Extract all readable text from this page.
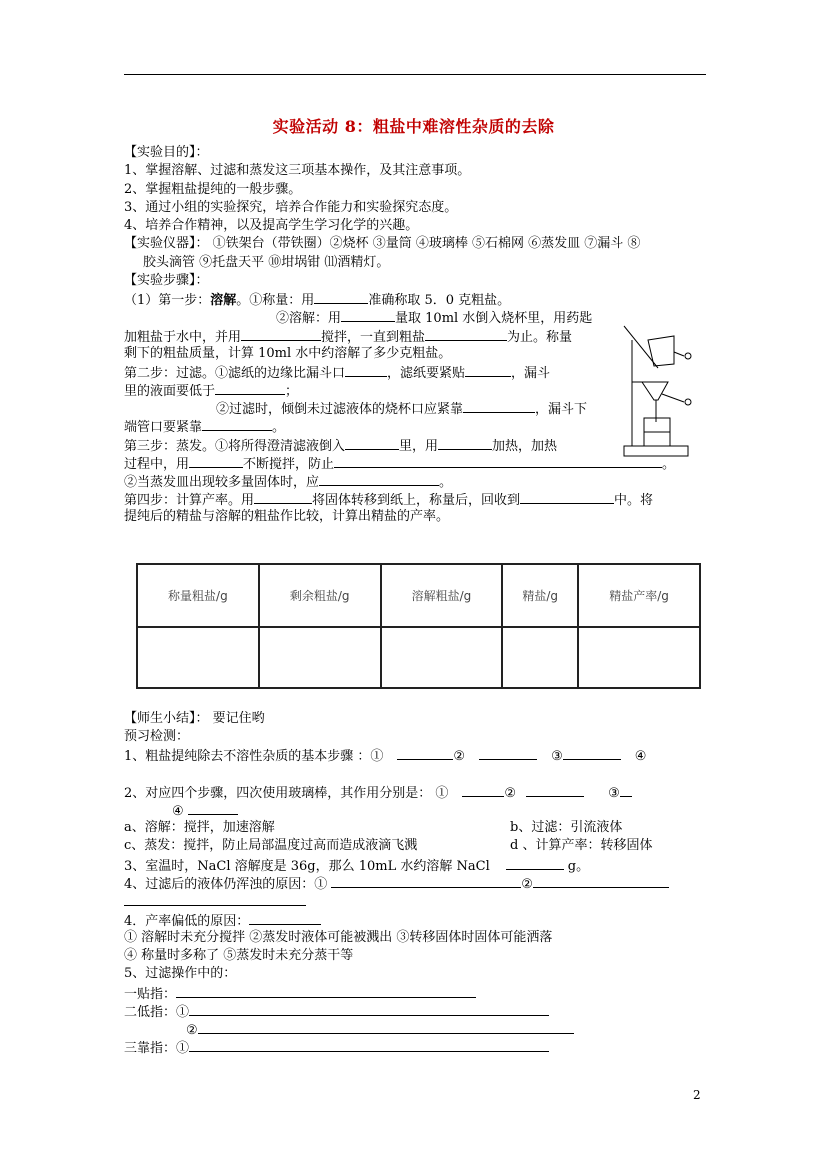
实验活动 8：粗盐中难溶性杂质的去除
【实验目的】：
1、掌握溶解、过滤和蒸发这三项基本操作，及其注意事项。
2、掌握粗盐提纯的一般步骤。
3、通过小组的实验探究，培养合作能力和实验探究态度。
4、培养合作精神，以及提高学生学习化学的兴趣。
【实验仪器】： ①铁架台（带铁圈）②烧杯 ③量筒 ④玻璃棒 ⑤石棉网 ⑥蒸发皿 ⑦漏斗 ⑧
胶头滴管 ⑨托盘天平 ⑩坩埚钳 ⑾酒精灯。
【实验步骤】：
（1）第一步：溶解。①称量：用	准确称取 5．0 克粗盐。
②溶解：用	量取 10ml 水倒入烧杯里，用药匙
加粗盐于水中，并用	搅拌，一直到粗盐	为止。称量
剩下的粗盐质量，计算 10ml 水中约溶解了多少克粗盐。
第二步：过滤。①滤纸的边缘比漏斗口	，滤纸要紧贴	，漏斗
里的液面要低于	；
②过滤时，倾倒未过滤液体的烧杯口应紧靠	，漏斗下
端管口要紧靠	。
第三步：蒸发。①将所得澄清滤液倒入	里，用	加热，加热
过程中，用	不断搅拌，防止	。
②当蒸发皿出现较多量固体时，应	。
第四步：计算产率。用	将固体转移到纸上，称量后，回收到	中。将
提纯后的精盐与溶解的粗盐作比较，计算出精盐的产率。
称量粗盐/g	剩余粗盐/g	溶解粗盐/g	精盐/g	精盐产率/g

【师生小结】： 要记住哟
预习检测：
1、粗盐提纯除去不溶性杂质的基本步骤 ：①	②	③	④
2、对应四个步骤，四次使用玻璃棒，其作用分别是： ①	②	③
④
a、溶解：搅拌，加速溶解	b、过滤：引流液体
c、蒸发：搅拌，防止局部温度过高而造成液滴飞溅	d 、计算产率：转移固体
3、室温时，NaCl 溶解度是 36g，那么 10mL 水约溶解 NaCl	g。
4、过滤后的液体仍浑浊的原因：①	②
4．产率偏低的原因：
① 溶解时未充分搅拌 ②蒸发时液体可能被溅出 ③转移固体时固体可能洒落
④ 称量时多称了 ⑤蒸发时未充分蒸干等
5、过滤操作中的：
一贴指：
二低指：①
②
三靠指：①
2
